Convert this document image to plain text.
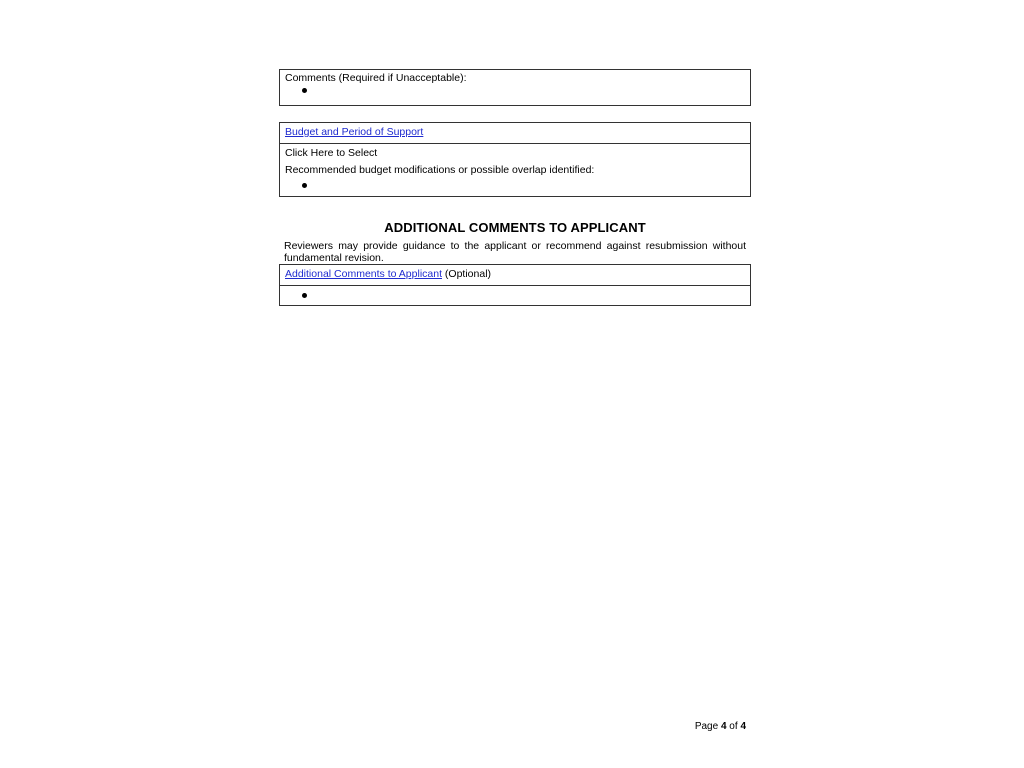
Comments (Required if Unacceptable):
Budget and Period of Support
Click Here to Select
Recommended budget modifications or possible overlap identified:
ADDITIONAL COMMENTS TO APPLICANT
Reviewers may provide guidance to the applicant or recommend against resubmission without fundamental revision.
Additional Comments to Applicant (Optional)
Page 4 of 4
